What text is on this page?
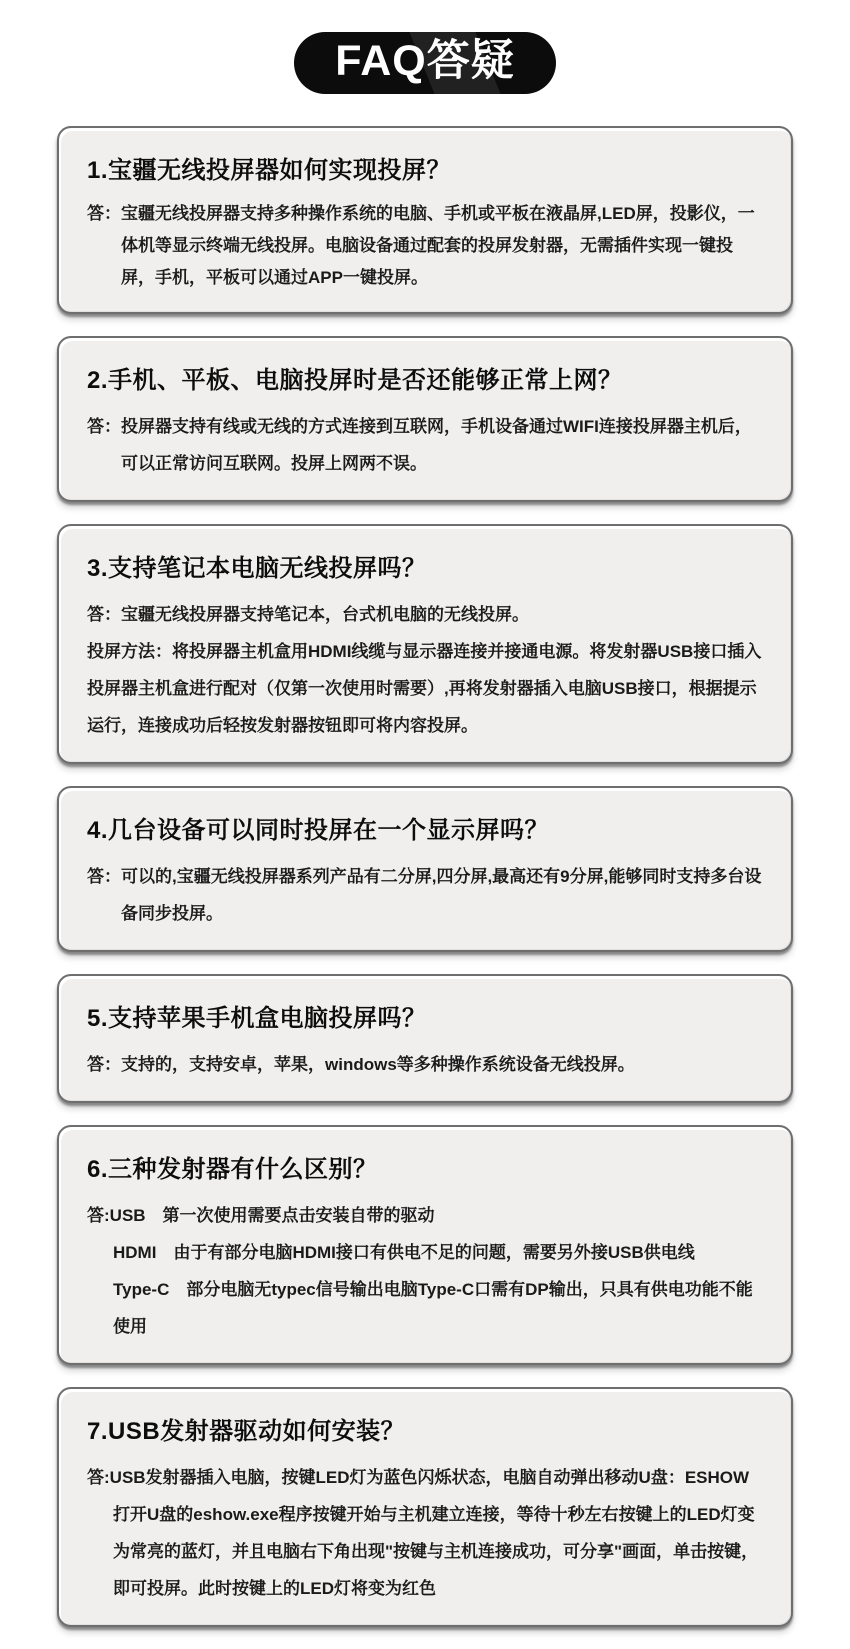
FAQ答疑
1.宝疆无线投屏器如何实现投屏？

答：宝疆无线投屏器支持多种操作系统的电脑、手机或平板在液晶屏,LED屏，投影仪，一体机等显示终端无线投屏。电脑设备通过配套的投屏发射器，无需插件实现一键投屏，手机，平板可以通过APP一键投屏。

2.手机、平板、电脑投屏时是否还能够正常上网？

答：投屏器支持有线或无线的方式连接到互联网，手机设备通过WIFI连接投屏器主机后，可以正常访问互联网。投屏上网两不误。

3.支持笔记本电脑无线投屏吗？

答：宝疆无线投屏器支持笔记本，台式机电脑的无线投屏。

投屏方法：将投屏器主机盒用HDMI线缆与显示器连接并接通电源。将发射器USB接口插入投屏器主机盒进行配对（仅第一次使用时需要）,再将发射器插入电脑USB接口，根据提示运行，连接成功后轻按发射器按钮即可将内容投屏。

4.几台设备可以同时投屏在一个显示屏吗？

答：可以的,宝疆无线投屏器系列产品有二分屏,四分屏,最高还有9分屏,能够同时支持多台设备同步投屏。

5.支持苹果手机盒电脑投屏吗？

答：支持的，支持安卓，苹果，windows等多种操作系统设备无线投屏。

6.三种发射器有什么区别？

答:USB　第一次使用需要点击安装自带的驱动

HDMI　由于有部分电脑HDMI接口有供电不足的问题，需要另外接USB供电线

Type-C　部分电脑无typec信号输出电脑Type-C口需有DP输出，只具有供电功能不能使用

7.USB发射器驱动如何安装？

答:USB发射器插入电脑，按键LED灯为蓝色闪烁状态，电脑自动弹出移动U盘：ESHOW打开U盘的eshow.exe程序按键开始与主机建立连接，等待十秒左右按键上的LED灯变为常亮的蓝灯，并且电脑右下角出现"按键与主机连接成功，可分享"画面，单击按键，即可投屏。此时按键上的LED灯将变为红色
